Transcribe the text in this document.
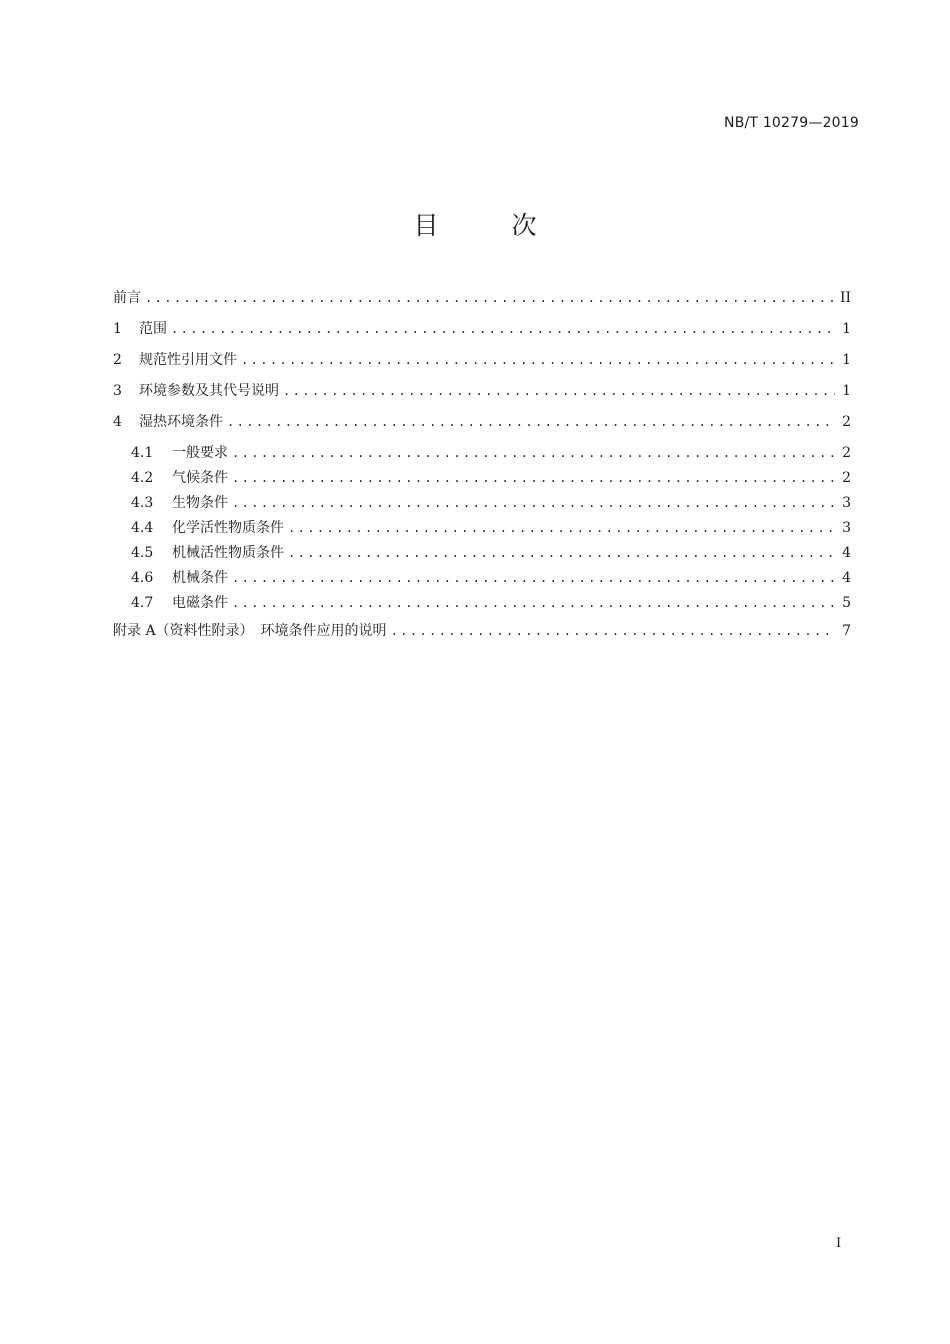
NB/T 10279—2019
目　次
前言 .....	II
1	范围 .....	1
2	规范性引用文件 .....	1
3	环境参数及其代号说明 .....	1
4	湿热环境条件 .....	2
4.1	一般要求 .....	2
4.2	气候条件 .....	2
4.3	生物条件 .....	3
4.4	化学活性物质条件 .....	3
4.5	机械活性物质条件 .....	4
4.6	机械条件 .....	4
4.7	电磁条件 .....	5
附录 A（资料性附录）　环境条件应用的说明 .....	7
I
